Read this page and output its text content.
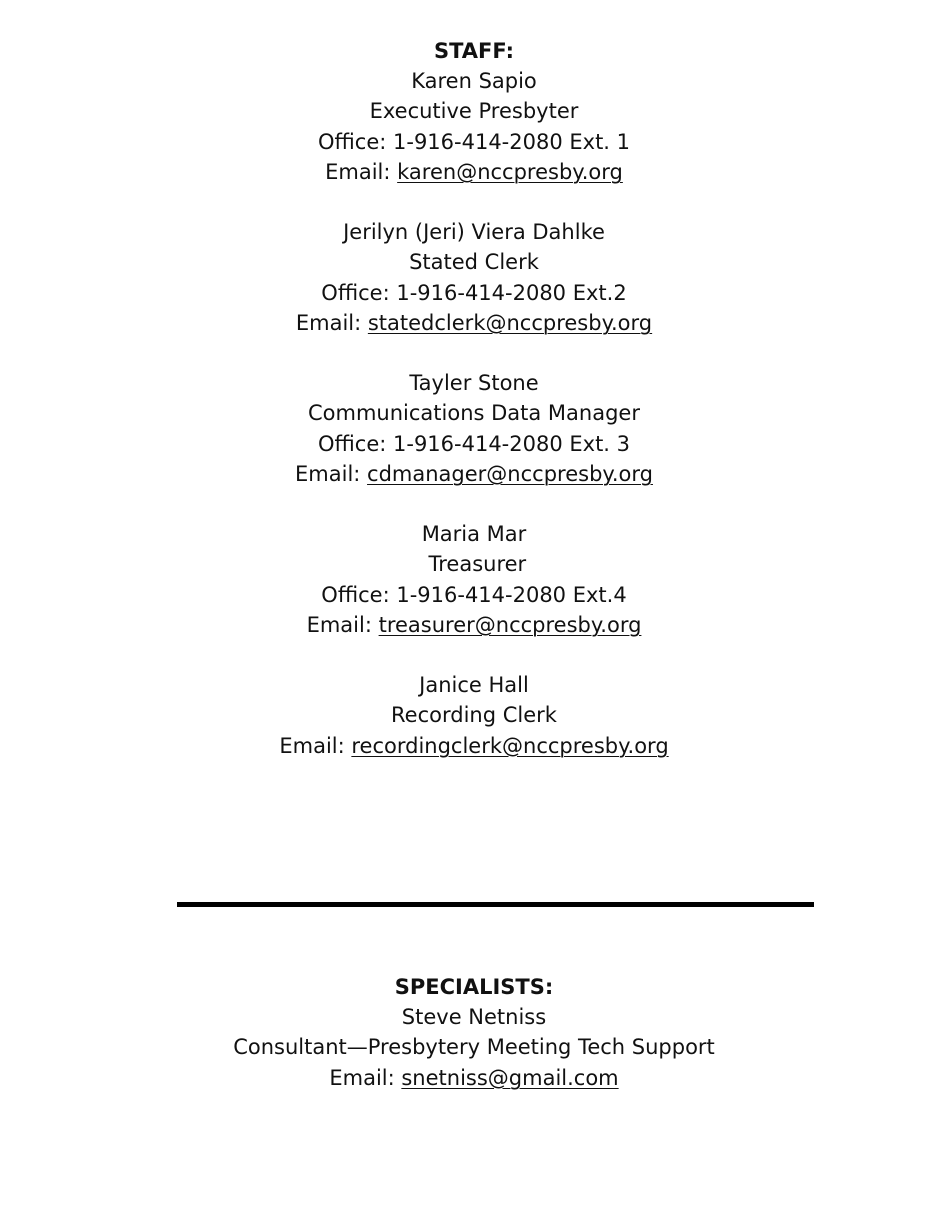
STAFF:
Karen Sapio
Executive Presbyter
Office: 1-916-414-2080 Ext. 1
Email: karen@nccpresby.org
Jerilyn (Jeri) Viera Dahlke
Stated Clerk
Office: 1-916-414-2080 Ext.2
Email: statedclerk@nccpresby.org
Tayler Stone
Communications Data Manager
Office: 1-916-414-2080 Ext. 3
Email: cdmanager@nccpresby.org
Maria Mar
Treasurer
Office: 1-916-414-2080 Ext.4
Email: treasurer@nccpresby.org
Janice Hall
Recording Clerk
Email: recordingclerk@nccpresby.org
SPECIALISTS:
Steve Netniss
Consultant—Presbytery Meeting Tech Support
Email: snetniss@gmail.com
